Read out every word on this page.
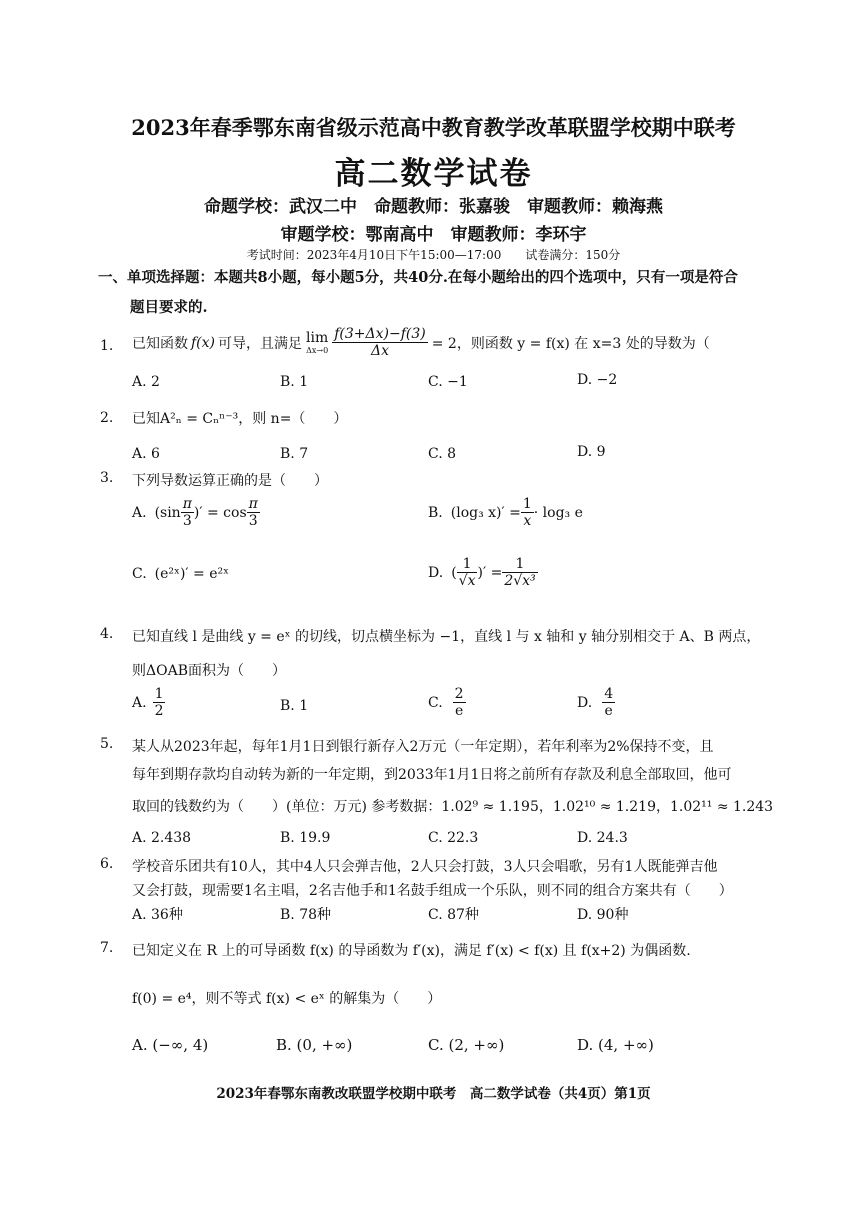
2023年春季鄂东南省级示范高中教育教学改革联盟学校期中联考
高二数学试卷
命题学校：武汉二中　命题教师：张嘉骏　审题教师：赖海燕
审题学校：鄂南高中　审题教师：李环宇
考试时间：2023年4月10日下午15:00—17:00　　试卷满分：150分
一、单项选择题：本题共8小题，每小题5分，共40分.在每小题给出的四个选项中，只有一项是符合
题目要求的.
1. 已知函数 f(x) 可导，且满足 lim
$\Delta x\to 0 \frac{f(3+\Delta x)-f(3)}{\Delta x} = 2$，则函数 y = f(x) 在 x=3 处的导数为（
A. 2	B. 1	C. −1	D. −2
2. 已知A²ₙ = Cₙⁿ⁻³，则 n=（　　）
A. 6	B. 7	C. 8	D. 9
3. 下列导数运算正确的是（　　）
A. ($\sin \frac{\pi}{3}$ )′ = $\cos \frac{\pi}{3}$	B. (log₃ $x)' = \frac{1}{x} \cdot \log_3$ e
C. (e²ˣ)′ = e²ˣ	D. ( $\frac{1}{√x}$ )′ = $\frac{1}{\text{2√x³}}$
4. 已知直线 l 是曲线 y = eˣ 的切线，切点横坐标为 −1，直线 l 与 x 轴和 y 轴分别相交于 A、B 两点，
则ΔOAB面积为（　　）
A. $\frac{1}{2}$	B. 1	C. $\frac{2}{e}$	D. $\frac{4}{e}$
5. 某人从2023年起，每年1月1日到银行新存入2万元（一年定期），若年利率为2%保持不变，且
每年到期存款均自动转为新的一年定期，到2033年1月1日将之前所有存款及利息全部取回，他可
取回的钱数约为（　　）(单位：万元) 参考数据：1.02⁹ ≈ 1.195，1.02¹⁰ ≈ 1.219，1.02¹¹ ≈ 1.243
A. 2.438	B. 19.9	C. 22.3	D. 24.3
6. 学校音乐团共有10人，其中4人只会弹吉他，2人只会打鼓，3人只会唱歌，另有1人既能弹吉他
又会打鼓，现需要1名主唱，2名吉他手和1名鼓手组成一个乐队，则不同的组合方案共有（　　）
A. 36种	B. 78种	C. 87种	D. 90种
7. 已知定义在 R 上的可导函数 f(x) 的导函数为 f′(x)，满足 f′(x) < f(x) 且 f(x+2) 为偶函数.
f(0) = e⁴，则不等式 f(x) < eˣ 的解集为（　　）
A. (−∞, 4)	B. (0, +∞)	C. (2, +∞)	D. (4, +∞)
2023年春鄂东南教改联盟学校期中联考　高二数学试卷（共4页）第1页
